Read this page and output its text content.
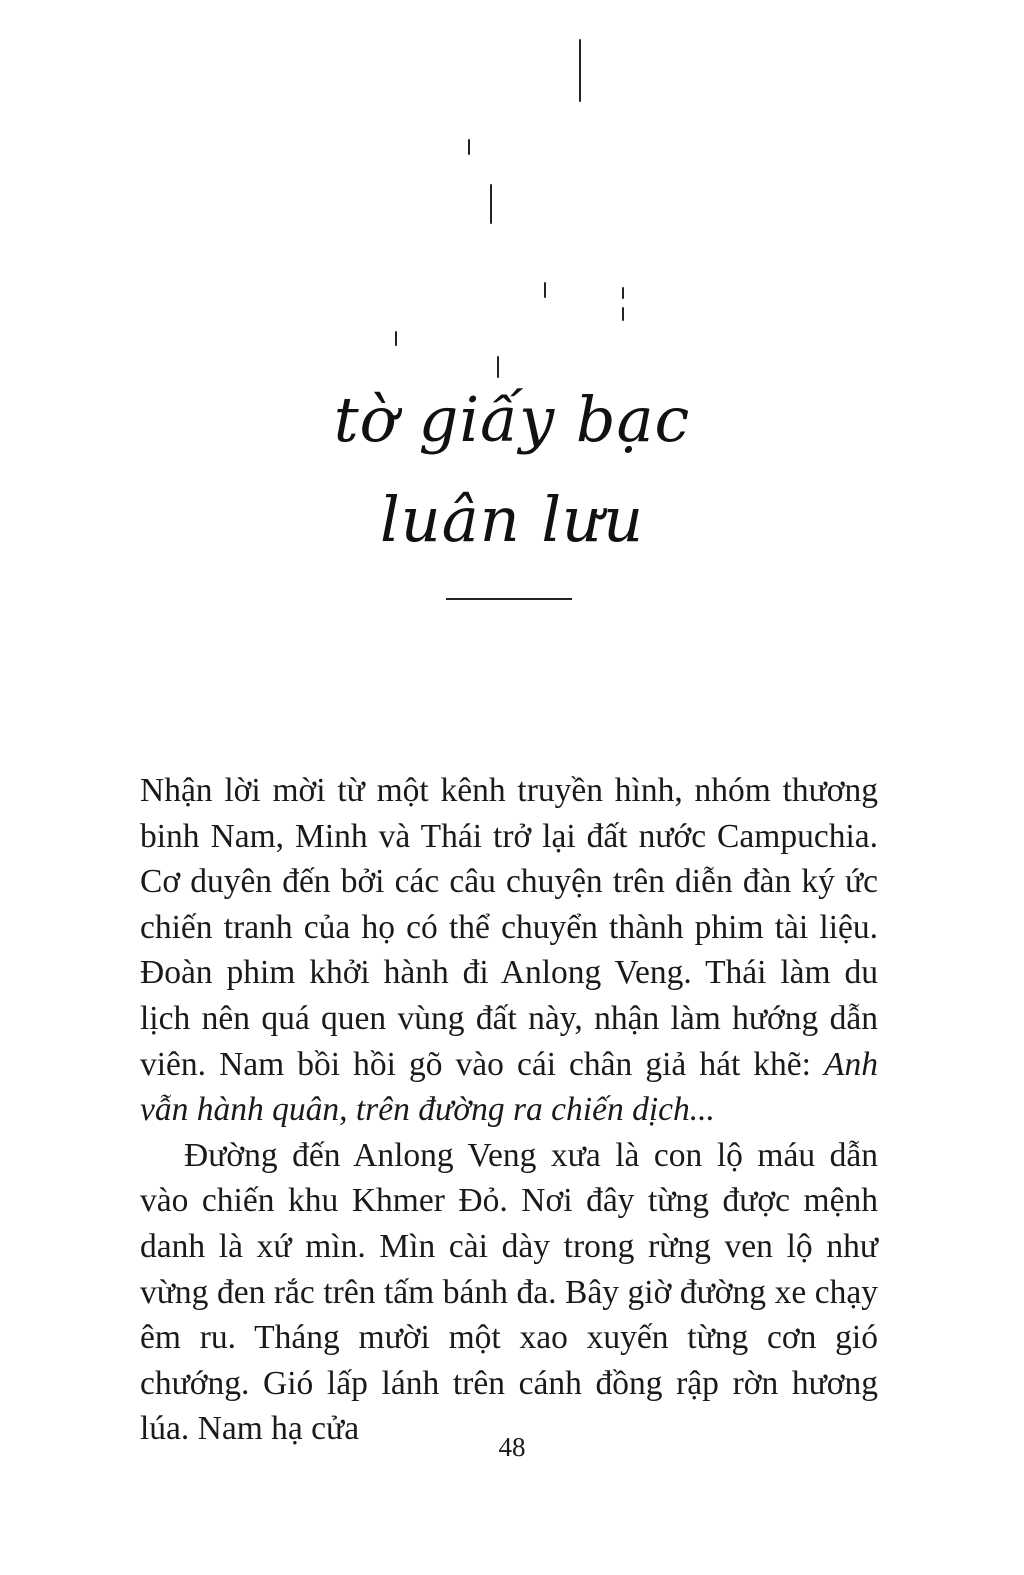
tờ giấy bạc
luân lưu

Nhận lời mời từ một kênh truyền hình, nhóm thương binh Nam, Minh và Thái trở lại đất nước Campuchia. Cơ duyên đến bởi các câu chuyện trên diễn đàn ký ức chiến tranh của họ có thể chuyển thành phim tài liệu. Đoàn phim khởi hành đi Anlong Veng. Thái làm du lịch nên quá quen vùng đất này, nhận làm hướng dẫn viên. Nam bồi hồi gõ vào cái chân giả hát khẽ: Anh vẫn hành quân, trên đường ra chiến dịch...

Đường đến Anlong Veng xưa là con lộ máu dẫn vào chiến khu Khmer Đỏ. Nơi đây từng được mệnh danh là xứ mìn. Mìn cài dày trong rừng ven lộ như vừng đen rắc trên tấm bánh đa. Bây giờ đường xe chạy êm ru. Tháng mười một xao xuyến từng cơn gió chướng. Gió lấp lánh trên cánh đồng rập rờn hương lúa. Nam hạ cửa	48
